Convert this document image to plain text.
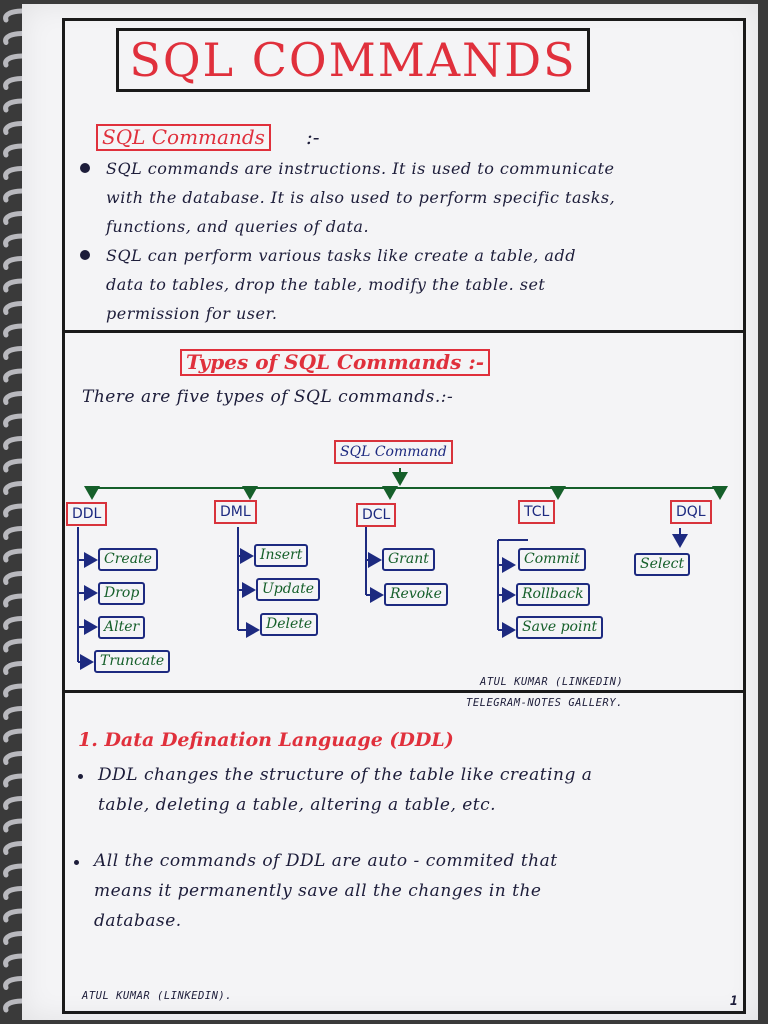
SQL COMMANDS
SQL Commands	:-
SQL commands are instructions. It is used to communicate
with the database. It is also used to perform specific tasks,
functions, and queries of data.
SQL can perform various tasks like create a table, add
data to tables, drop the table, modify the table. set
permission for user.
Types of SQL Commands :-
There are five types of SQL commands.:-
SQL Command
DDL	DML	DCL	TCL	DQL
Create
Drop
Alter
Truncate
Insert
Update
Delete
Grant
Revoke
Commit
Rollback
Save point
Select
ATUL KUMAR (LINKEDIN)
TELEGRAM-NOTES GALLERY.
1. Data Defination Language (DDL)
DDL changes the structure of the table like creating a
table, deleting a table, altering a table, etc.
All the commands of DDL are auto - commited that
means it permanently save all the changes in the
database.
ATUL KUMAR (LINKEDIN).	1
